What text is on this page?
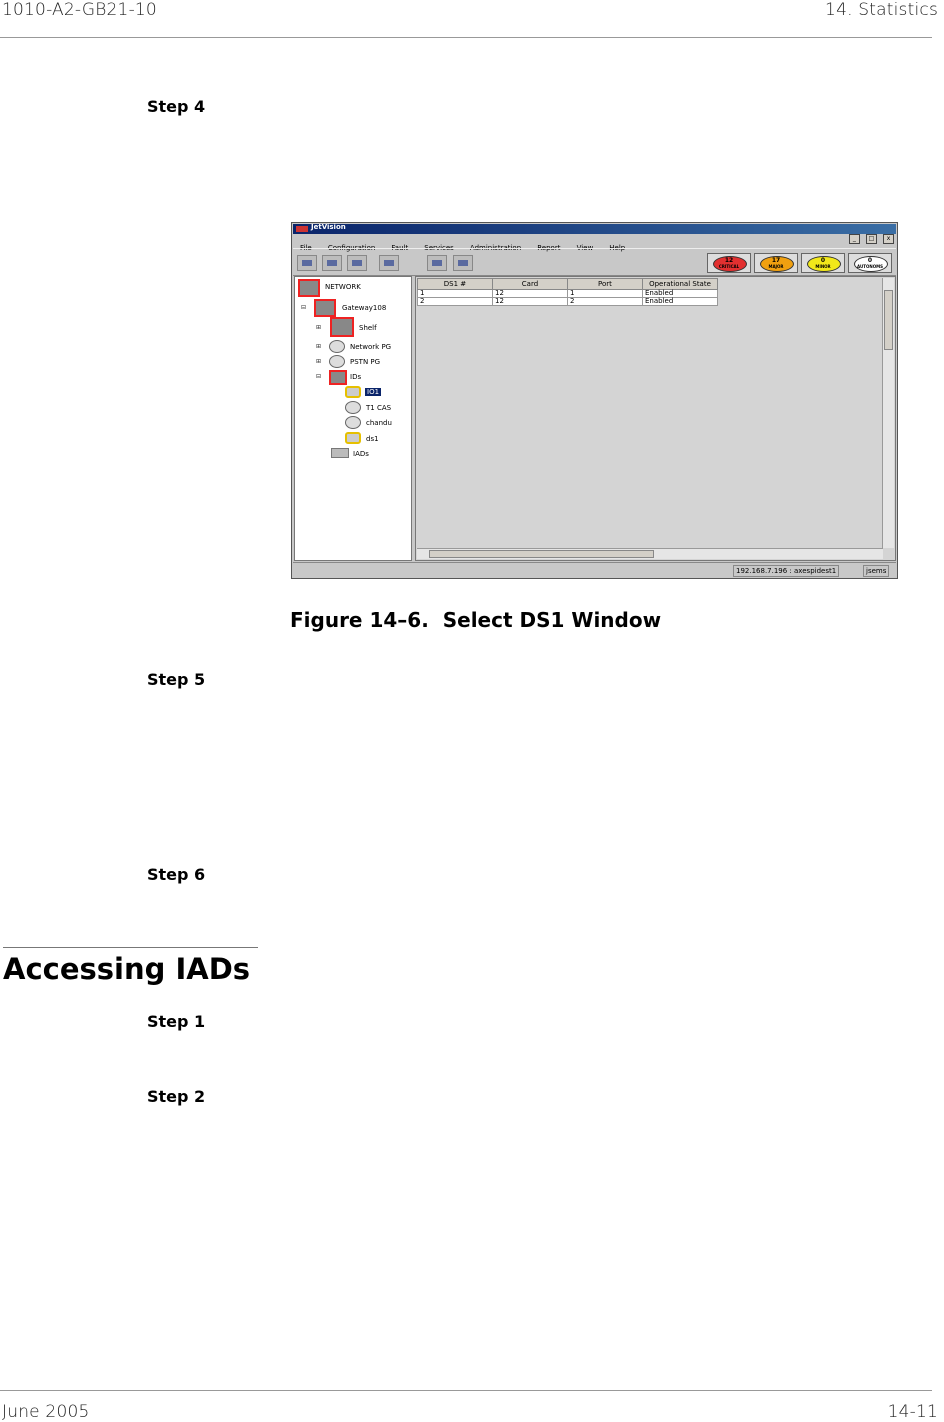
1010-A2-GB21-10	14. Statistics
Step 4
JetVision
_ □ x
File Configuration Fault Services Administration Report View Help
12
CRITICAL
17
MAJOR
0
MINOR
0
AUTONOMS
NETWORK
⊟	Gateway108
⊞	Shelf
⊞	Network PG
⊞	PSTN PG
⊟	IDs
IO1
T1 CAS
chandu
ds1
IADs
DS1 #	Card	Port	Operational State
1	12	1	Enabled
2	12	2	Enabled
192.168.7.196 : axespidest1	jsems
Figure 14–6.  Select DS1 Window
Step 5
Step 6
Accessing IADs
Step 1
Step 2
June 2005	14-11
